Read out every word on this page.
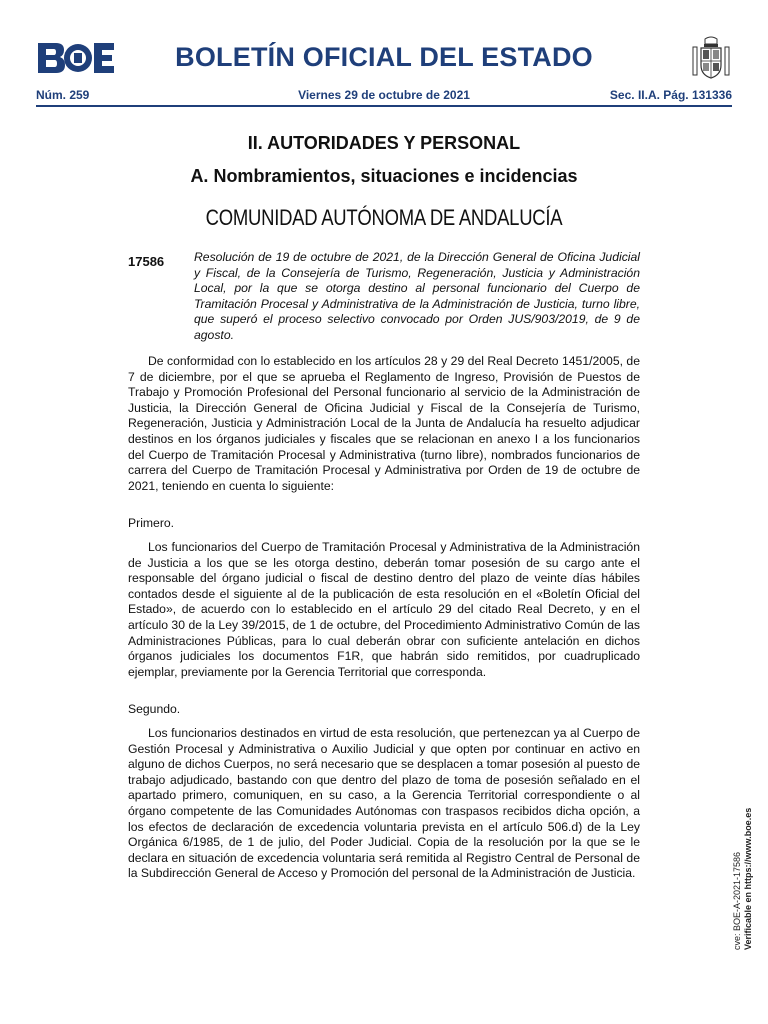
BOLETÍN OFICIAL DEL ESTADO
Núm. 259	Viernes 29 de octubre de 2021	Sec. II.A. Pág. 131336
II. AUTORIDADES Y PERSONAL
A. Nombramientos, situaciones e incidencias
COMUNIDAD AUTÓNOMA DE ANDALUCÍA
17586 Resolución de 19 de octubre de 2021, de la Dirección General de Oficina Judicial y Fiscal, de la Consejería de Turismo, Regeneración, Justicia y Administración Local, por la que se otorga destino al personal funcionario del Cuerpo de Tramitación Procesal y Administrativa de la Administración de Justicia, turno libre, que superó el proceso selectivo convocado por Orden JUS/903/2019, de 9 de agosto.
De conformidad con lo establecido en los artículos 28 y 29 del Real Decreto 1451/2005, de 7 de diciembre, por el que se aprueba el Reglamento de Ingreso, Provisión de Puestos de Trabajo y Promoción Profesional del Personal funcionario al servicio de la Administración de Justicia, la Dirección General de Oficina Judicial y Fiscal de la Consejería de Turismo, Regeneración, Justicia y Administración Local de la Junta de Andalucía ha resuelto adjudicar destinos en los órganos judiciales y fiscales que se relacionan en anexo I a los funcionarios del Cuerpo de Tramitación Procesal y Administrativa (turno libre), nombrados funcionarios de carrera del Cuerpo de Tramitación Procesal y Administrativa por Orden de 19 de octubre de 2021, teniendo en cuenta lo siguiente:
Primero.
Los funcionarios del Cuerpo de Tramitación Procesal y Administrativa de la Administración de Justicia a los que se les otorga destino, deberán tomar posesión de su cargo ante el responsable del órgano judicial o fiscal de destino dentro del plazo de veinte días hábiles contados desde el siguiente al de la publicación de esta resolución en el «Boletín Oficial del Estado», de acuerdo con lo establecido en el artículo 29 del citado Real Decreto, y en el artículo 30 de la Ley 39/2015, de 1 de octubre, del Procedimiento Administrativo Común de las Administraciones Públicas, para lo cual deberán obrar con suficiente antelación en dichos órganos judiciales los documentos F1R, que habrán sido remitidos, por cuadruplicado ejemplar, previamente por la Gerencia Territorial que corresponda.
Segundo.
Los funcionarios destinados en virtud de esta resolución, que pertenezcan ya al Cuerpo de Gestión Procesal y Administrativa o Auxilio Judicial y que opten por continuar en activo en alguno de dichos Cuerpos, no será necesario que se desplacen a tomar posesión al puesto de trabajo adjudicado, bastando con que dentro del plazo de toma de posesión señalado en el apartado primero, comuniquen, en su caso, a la Gerencia Territorial correspondiente o al órgano competente de las Comunidades Autónomas con traspasos recibidos dicha opción, a los efectos de declaración de excedencia voluntaria prevista en el artículo 506.d) de la Ley Orgánica 6/1985, de 1 de julio, del Poder Judicial. Copia de la resolución por la que se le declara en situación de excedencia voluntaria será remitida al Registro Central de Personal de la Subdirección General de Acceso y Promoción del personal de la Administración de Justicia.	cve: BOE-A-2021-17586 Verificable en https://www.boe.es
